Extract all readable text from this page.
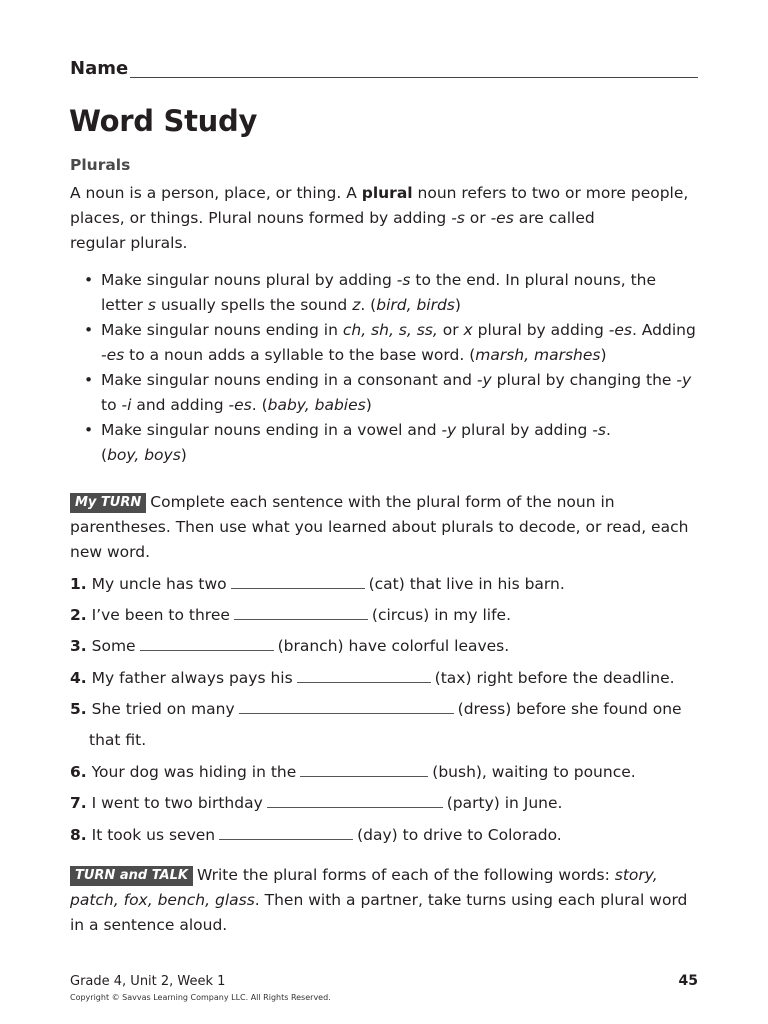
Name
Word Study
Plurals

A noun is a person, place, or thing. A plural noun refers to two or more people,

places, or things. Plural nouns formed by adding -s or -es are called

regular plurals.

• Make singular nouns plural by adding -s to the end. In plural nouns, the
letter s usually spells the sound z. (bird, birds)
• Make singular nouns ending in ch, sh, s, ss, or x plural by adding -es. Adding
-es to a noun adds a syllable to the base word. (marsh, marshes)
• Make singular nouns ending in a consonant and -y plural by changing the -y
to -i and adding -es. (baby, babies)
• Make singular nouns ending in a vowel and -y plural by adding -s.
(boy, boys)

My TURN Complete each sentence with the plural form of the noun in

parentheses. Then use what you learned about plurals to decode, or read, each

new word.

1. My uncle has two	(cat) that live in his barn.
2. I’ve been to three	(circus) in my life.
3. Some	(branch) have colorful leaves.
4. My father always pays his	(tax) right before the deadline.
5. She tried on many	(dress) before she found one
that fit.
6. Your dog was hiding in the	(bush), waiting to pounce.
7. I went to two birthday	(party) in June.
8. It took us seven	(day) to drive to Colorado.

TURN and TALK Write the plural forms of each of the following words: story,

patch, fox, bench, glass. Then with a partner, take turns using each plural word

in a sentence aloud.

Grade 4, Unit 2, Week 1
Copyright © Savvas Learning Company LLC. All Rights Reserved.
45
